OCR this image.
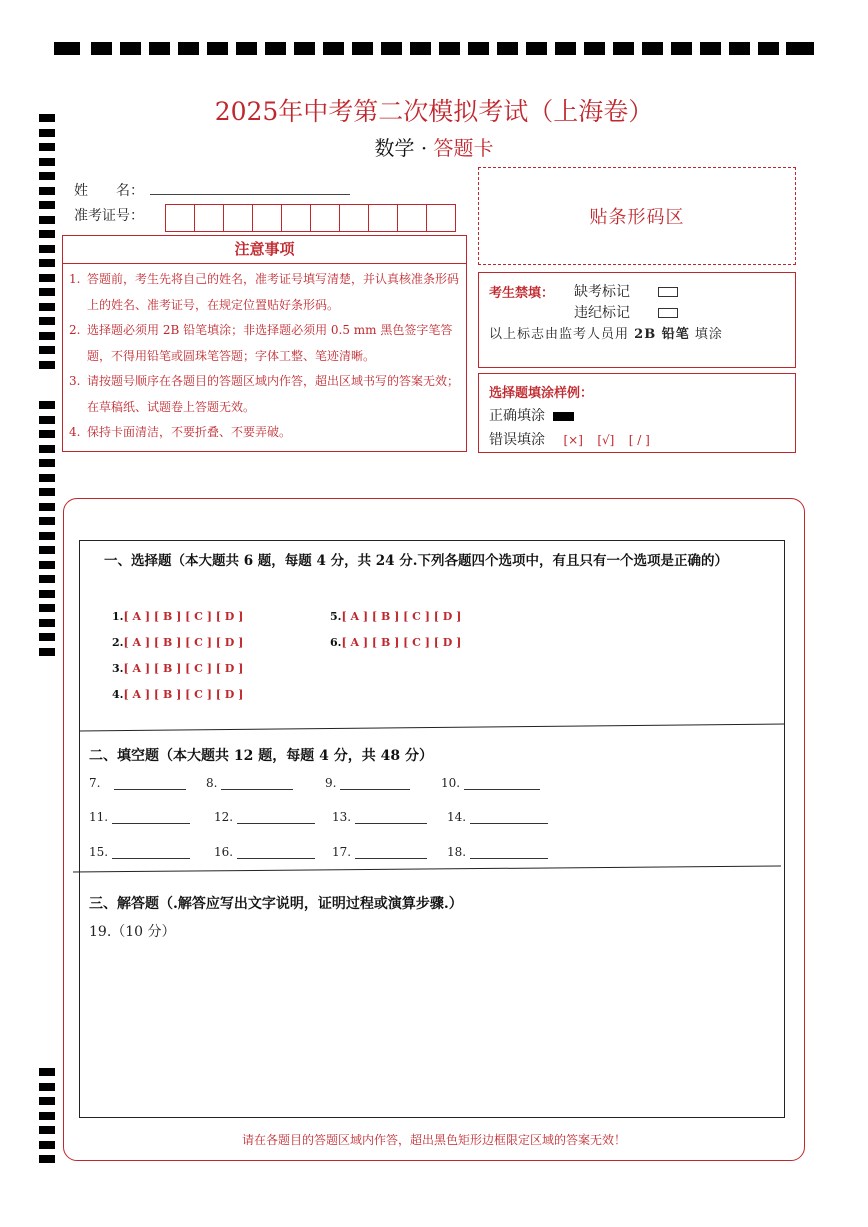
2025年中考第二次模拟考试（上海卷）
数学 · 答题卡
姓　　名：
准考证号：	贴条形码区
注意事项
1. 答题前，考生先将自己的姓名，准考证号填写清楚，并认真核准条形码上的姓名、准考证号，在规定位置贴好条形码。
2. 选择题必须用 2B 铅笔填涂；非选择题必须用 0.5 mm 黑色签字笔答题，不得用铅笔或圆珠笔答题；字体工整、笔迹清晰。
3. 请按题号顺序在各题目的答题区域内作答，超出区域书写的答案无效；在草稿纸、试题卷上答题无效。
4. 保持卡面清洁，不要折叠、不要弄破。
考生禁填： 缺考标记
违纪标记
以上标志由监考人员用 2B 铅笔 填涂
选择题填涂样例：
正确填涂
错误填涂 [×] [√] [ / ]
一、选择题（本大题共 6 题，每题 4 分，共 24 分.下列各题四个选项中，有且只有一个选项是正确的）
1.[ A ] [ B ] [ C ] [ D ]
2.[ A ] [ B ] [ C ] [ D ]
3.[ A ] [ B ] [ C ] [ D ]
4.[ A ] [ B ] [ C ] [ D ]
5.[ A ] [ B ] [ C ] [ D ]
6.[ A ] [ B ] [ C ] [ D ]
二、填空题（本大题共 12 题，每题 4 分，共 48 分）
7.	8.	9.	10.
11.	12.	13.	14.
15.	16.	17.	18.
三、解答题（.解答应写出文字说明，证明过程或演算步骤.）
19.（10 分）
请在各题目的答题区域内作答，超出黑色矩形边框限定区域的答案无效！
